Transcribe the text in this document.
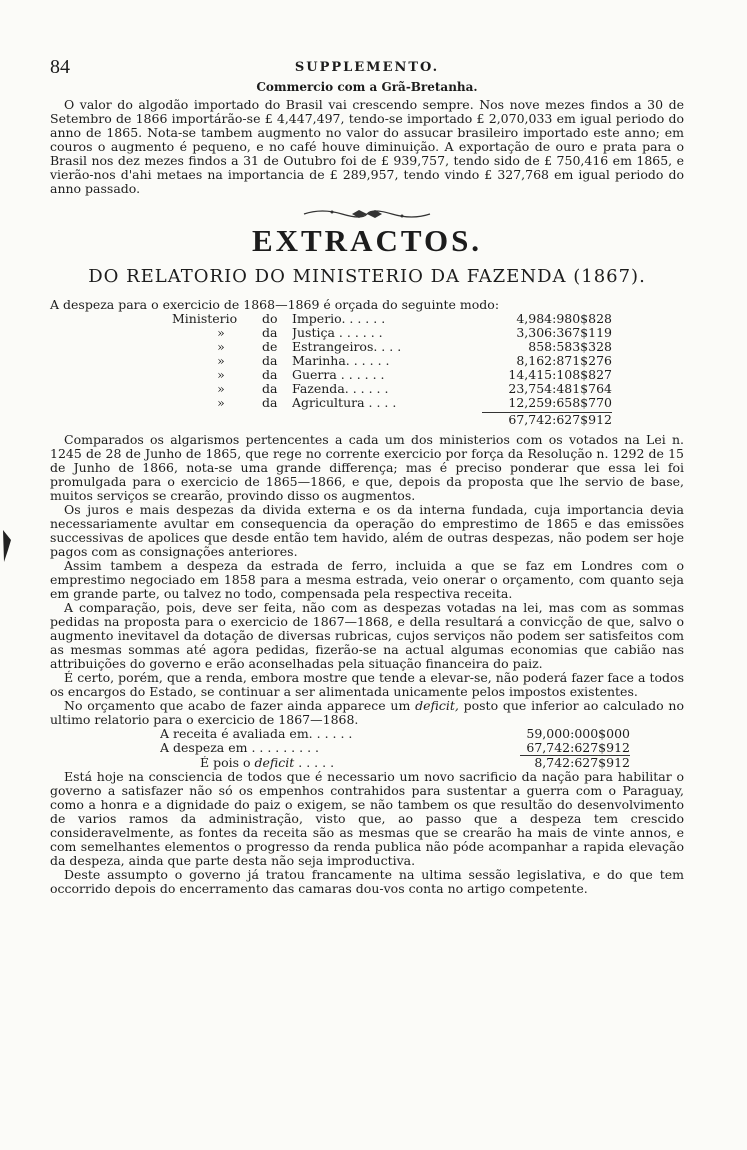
84	SUPPLEMENTO.
Commercio com a Grã-Bretanha.

O valor do algodão importado do Brasil vai crescendo sempre. Nos nove mezes findos a 30 de Setembro de 1866 importárão-se £ 4,447,497, tendo-se importado £ 2,070,033 em igual periodo do anno de 1865. Nota-se tambem augmento no valor do assucar brasileiro importado este anno; em couros o augmento é pequeno, e no café houve diminuição. A exportação de ouro e prata para o Brasil nos dez mezes findos a 31 de Outubro foi de £ 939,757, tendo sido de £ 750,416 em 1865, e vierão-nos d'ahi metaes na importancia de £ 289,957, tendo vindo £ 327,768 em igual periodo do anno passado.

EXTRACTOS.
DO RELATORIO DO MINISTERIO DA FAZENDA (1867).

A despeza para o exercicio de 1868—1869 é orçada do seguinte modo:

Ministerio	do	Imperio. . . . . .	4,984:980$828
»	da	Justiça . . . . . .	3,306:367$119
»	de	Estrangeiros. . . .	858:583$328
»	da	Marinha. . . . . .	8,162:871$276
»	da	Guerra . . . . . .	14,415:108$827
»	da	Fazenda. . . . . .	23,754:481$764
»	da	Agricultura . . . .	12,259:658$770
67,742:627$912

Comparados os algarismos pertencentes a cada um dos ministerios com os votados na Lei n. 1245 de 28 de Junho de 1865, que rege no corrente exercicio por força da Resolução n. 1292 de 15 de Junho de 1866, nota-se uma grande differença; mas é preciso ponderar que essa lei foi promulgada para o exercicio de 1865—1866, e que, depois da proposta que lhe servio de base, muitos serviços se crearão, provindo disso os augmentos.

Os juros e mais despezas da divida externa e os da interna fundada, cuja importancia devia necessariamente avultar em consequencia da operação do emprestimo de 1865 e das emissões successivas de apolices que desde então tem havido, além de outras despezas, não podem ser hoje pagos com as consignações anteriores.

Assim tambem a despeza da estrada de ferro, incluida a que se faz em Londres com o emprestimo negociado em 1858 para a mesma estrada, veio onerar o orçamento, com quanto seja em grande parte, ou talvez no todo, compensada pela respectiva receita.

A comparação, pois, deve ser feita, não com as despezas votadas na lei, mas com as sommas pedidas na proposta para o exercicio de 1867—1868, e della resultará a convicção de que, salvo o augmento inevitavel da dotação de diversas rubricas, cujos serviços não podem ser satisfeitos com as mesmas sommas até agora pedidas, fizerão-se na actual algumas economias que cabião nas attribuições do governo e erão aconselhadas pela situação financeira do paiz.

É certo, porém, que a renda, embora mostre que tende a elevar-se, não poderá fazer face a todos os encargos do Estado, se continuar a ser alimentada unicamente pelos impostos existentes.

No orçamento que acabo de fazer ainda apparece um deficit, posto que inferior ao calculado no ultimo relatorio para o exercicio de 1867—1868.

A receita é avaliada em. . . . . .	59,000:000$000
A despeza em . . . . . . . . .	67,742:627$912
É pois o deficit . . . . .	8,742:627$912

Está hoje na consciencia de todos que é necessario um novo sacrificio da nação para habilitar o governo a satisfazer não só os empenhos contrahidos para sustentar a guerra com o Paraguay, como a honra e a dignidade do paiz o exigem, se não tambem os que resultão do desenvolvimento de varios ramos da administração, visto que, ao passo que a despeza tem crescido consideravelmente, as fontes da receita são as mesmas que se crearão ha mais de vinte annos, e com semelhantes elementos o progresso da renda publica não póde acompanhar a rapida elevação da despeza, ainda que parte desta não seja improductiva.

Deste assumpto o governo já tratou francamente na ultima sessão legislativa, e do que tem occorrido depois do encerramento das camaras dou-vos conta no artigo competente.
